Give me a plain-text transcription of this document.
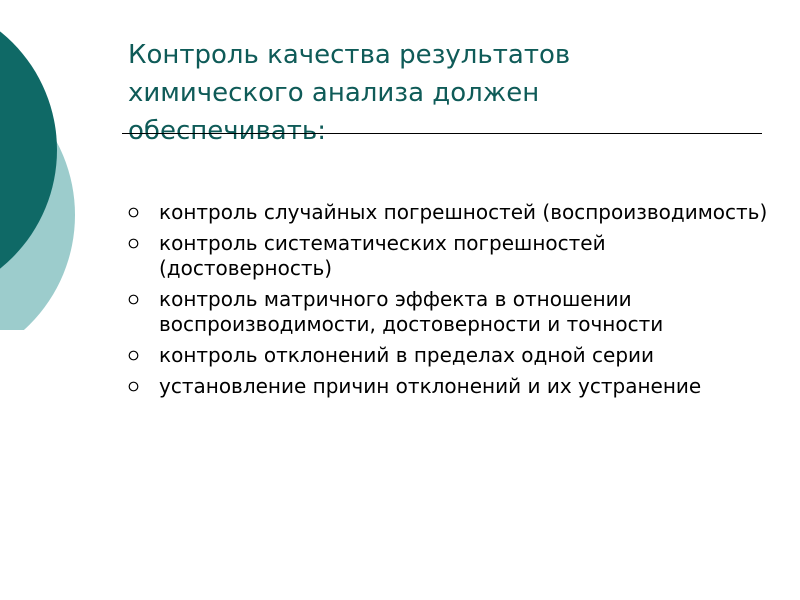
Контроль качества результатов химического анализа должен обеспечивать:
контроль случайных погрешностей (воспроизводимость)
контроль систематических погрешностей (достоверность)
контроль матричного эффекта в отношении воспроизводимости, достоверности и точности
контроль отклонений в пределах одной серии
установление причин отклонений и их устранение
